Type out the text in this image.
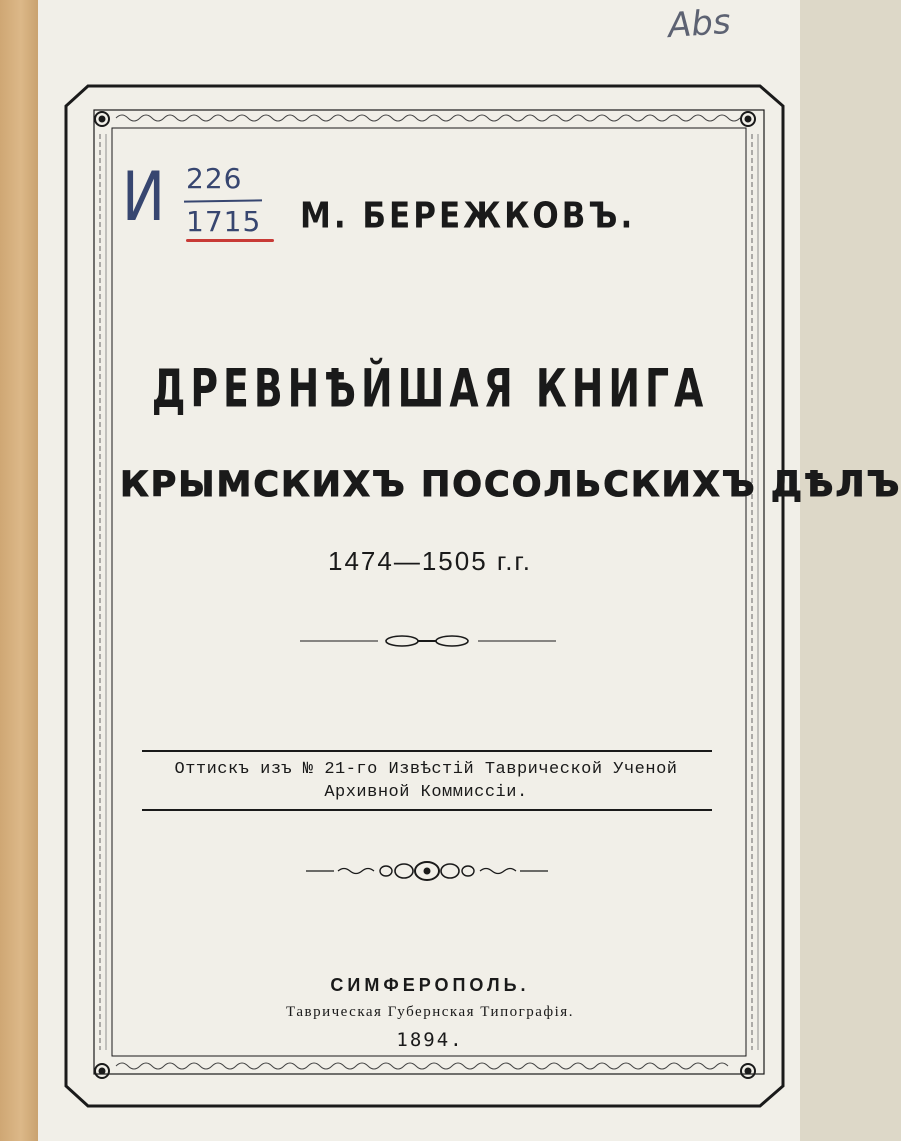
Abs
И 226
1715 М. БЕРЕЖКОВЪ.

ДРЕВНѢЙШАЯ КНИГА

КРЫМСКИХЪ ПОСОЛЬСКИХЪ ДѢЛЪ

1474—1505 г.г.

Оттискъ изъ № 21-го Извѣстій Таврической Ученой

Архивной Коммиссіи.

СИМФЕРОПОЛЬ.

Таврическая Губернская Типографія.

1894.
